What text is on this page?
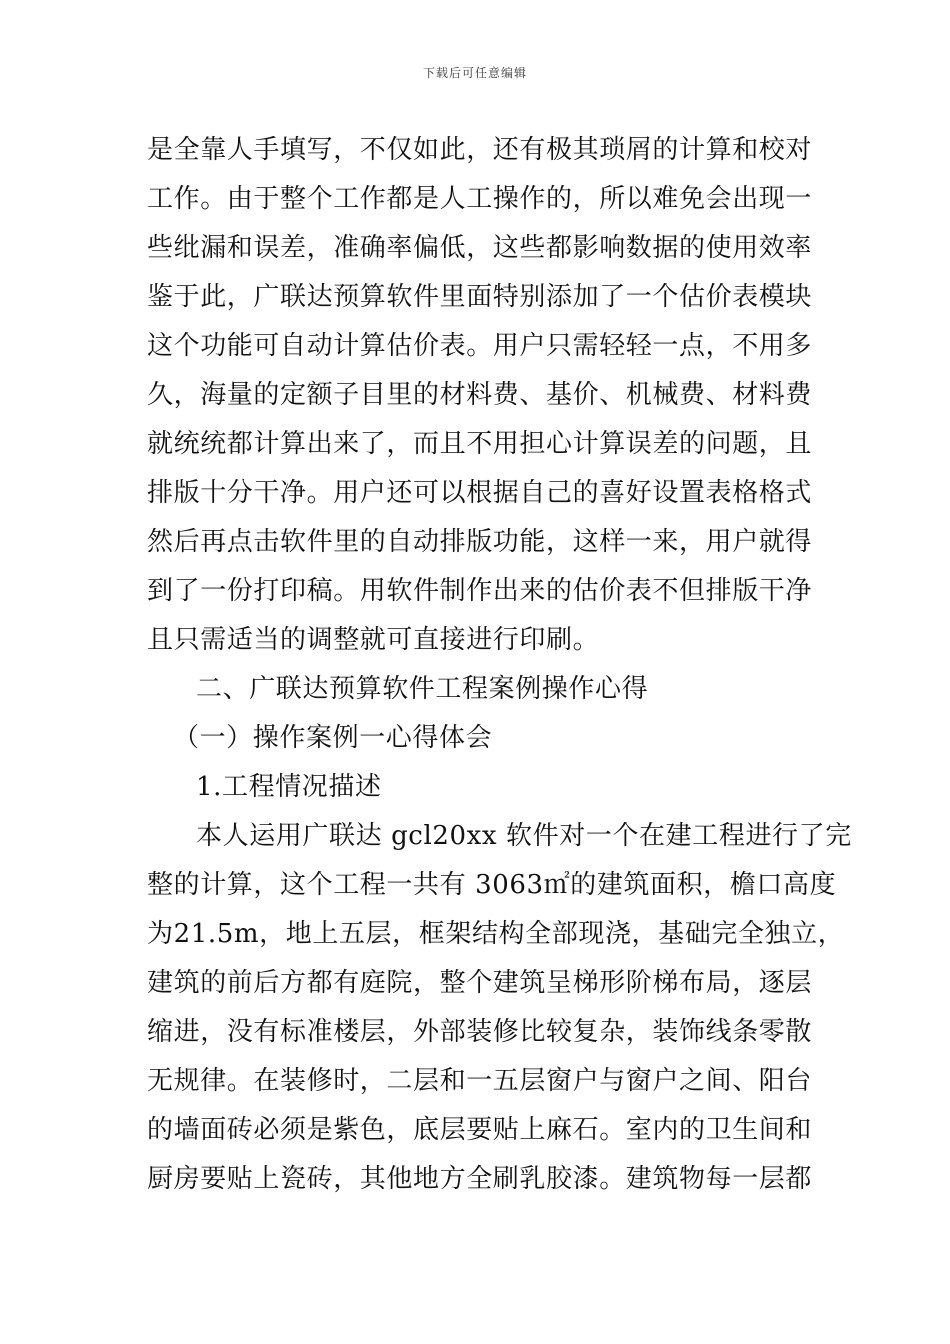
下载后可任意编辑
是全靠人手填写，不仅如此，还有极其琐屑的计算和校对
工作。由于整个工作都是人工操作的，所以难免会出现一
些纰漏和误差，准确率偏低，这些都影响数据的使用效率
鉴于此，广联达预算软件里面特别添加了一个估价表模块
这个功能可自动计算估价表。用户只需轻轻一点，不用多
久，海量的定额子目里的材料费、基价、机械费、材料费
就统统都计算出来了，而且不用担心计算误差的问题，且
排版十分干净。用户还可以根据自己的喜好设置表格格式
然后再点击软件里的自动排版功能，这样一来，用户就得
到了一份打印稿。用软件制作出来的估价表不但排版干净
且只需适当的调整就可直接进行印刷。
二、广联达预算软件工程案例操作心得
（一）操作案例一心得体会
1.工程情况描述
本人运用广联达 gcl20xx 软件对一个在建工程进行了完
整的计算，这个工程一共有 3063㎡的建筑面积，檐口高度
为21.5m，地上五层，框架结构全部现浇，基础完全独立，
建筑的前后方都有庭院，整个建筑呈梯形阶梯布局，逐层
缩进，没有标准楼层，外部装修比较复杂，装饰线条零散
无规律。在装修时，二层和一五层窗户与窗户之间、阳台
的墙面砖必须是紫色，底层要贴上麻石。室内的卫生间和
厨房要贴上瓷砖，其他地方全刷乳胶漆。建筑物每一层都
